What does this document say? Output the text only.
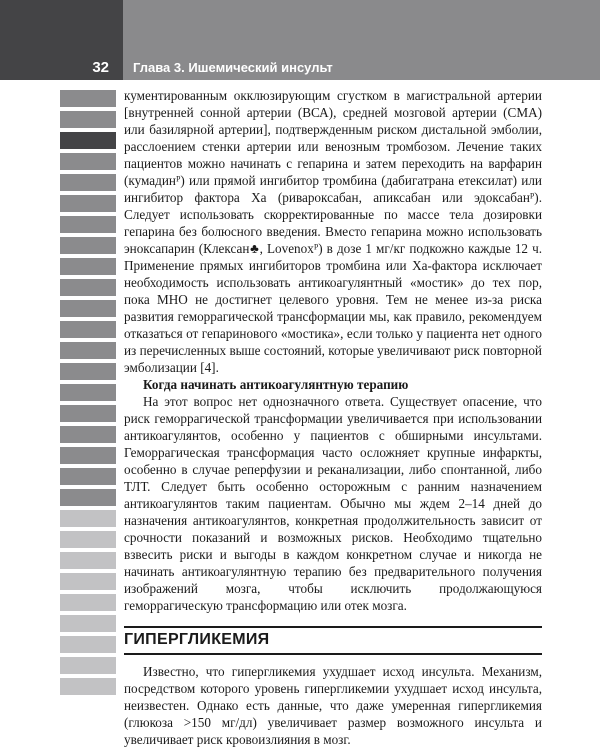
32	Глава 3. Ишемический инсульт

кументированным окклюзирующим сгустком в магистральной артерии [внутренней сонной артерии (ВСА), средней мозговой артерии (СМА) или базилярной артерии], подтвержденным риском дистальной эмболии, расслоением стенки артерии или венозным тромбозом. Лечение таких пациентов можно начинать с гепарина и затем переходить на варфарин (кумадинᴾ) или прямой ингибитор тромбина (дабигатрана етексилат) или ингибитор фактора Ха (ривароксабан, апиксабан или эдоксабанᴾ). Следует использовать скорректированные по массе тела дозировки гепарина без болюсного введения. Вместо гепарина можно использовать эноксапарин (Клексан♣, Lovenoxᴾ) в дозе 1 мг/кг подкожно каждые 12 ч. Применение прямых ингибиторов тромбина или Ха-фактора исключает необходимость использовать антикоагулянтный «мостик» до тех пор, пока МНО не достигнет целевого уровня. Тем не менее из-за риска развития геморрагической трансформации мы, как правило, рекомендуем отказаться от гепаринового «мостика», если только у пациента нет одного из перечисленных выше состояний, которые увеличивают риск повторной эмболизации [4].

Когда начинать антикоагулянтную терапию

На этот вопрос нет однозначного ответа. Существует опасение, что риск геморрагической трансформации увеличивается при использовании антикоагулянтов, особенно у пациентов с обширными инсультами. Геморрагическая трансформация часто осложняет крупные инфаркты, особенно в случае реперфузии и реканализации, либо спонтанной, либо ТЛТ. Следует быть особенно осторожным с ранним назначением антикоагулянтов таким пациентам. Обычно мы ждем 2–14 дней до назначения антикоагулянтов, конкретная продолжительность зависит от срочности показаний и возможных рисков. Необходимо тщательно взвесить риски и выгоды в каждом конкретном случае и никогда не начинать антикоагулянтную терапию без предварительного получения изображений мозга, чтобы исключить продолжающуюся геморрагическую трансформацию или отек мозга.

ГИПЕРГЛИКЕМИЯ

Известно, что гипергликемия ухудшает исход инсульта. Механизм, посредством которого уровень гипергликемии ухудшает исход инсульта, неизвестен. Однако есть данные, что даже умеренная гипергликемия (глюкоза >150 мг/дл) увеличивает размер возможного инсульта и увеличивает риск кровоизлияния в мозг.
